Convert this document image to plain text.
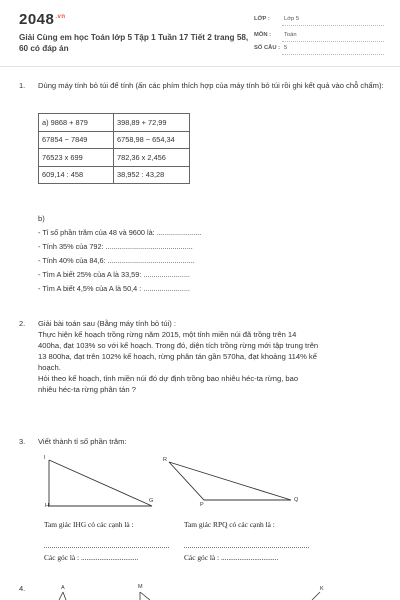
$2048^{.vn}$
Giải Cùng em học Toán lớp 5 Tập 1 Tuần 17 Tiết 2 trang 58, 60 có đáp án
LỚP : Lớp 5
MÔN : Toán
SỐ CÂU : 5
1. Dùng máy tính bỏ túi để tính (ấn các phím thích hợp của máy tính bỏ túi rồi ghi kết quả vào chỗ chấm):
a) 9868 + 879	398,89 + 72,99
67854 − 7849	6758,98 − 654,34
76523 x 699	782,36 x 2,456
609,14 : 458	38,952 : 43,28
b)
- Tỉ số phần trăm của 48 và 9600 là: ......................
- Tính 35% của 792: ...........................................
- Tính 40% của 84,6: ...........................................
- Tìm A biết 25% của A là 33,59: .......................
- Tìm A biết 4,5% của A là 50,4 : .......................
2. Giải bài toán sau (Bằng máy tính bỏ túi) :
Thực hiện kế hoạch trồng rừng năm 2015, một tỉnh miền núi đã trồng trên 14
400ha, đạt 103% so với kế hoạch. Trong đó, diện tích trồng rừng mới tập trung trên
13 800ha, đạt trên 102% kế hoạch, rừng phân tán gần 570ha, đạt khoảng 114% kế
hoạch.
Hỏi theo kế hoạch, tỉnh miền núi đó dự định trồng bao nhiêu héc-ta rừng, bao
nhiêu héc-ta rừng phân tán ?
3. Viết thành tỉ số phần trăm:
I
H
G
R
P
Q
Tam giác IHG có các cạnh là :
Các góc là : ...............................
Tam giác RPQ có các cạnh là :
Các góc là : ...............................
4.	A	M	K
